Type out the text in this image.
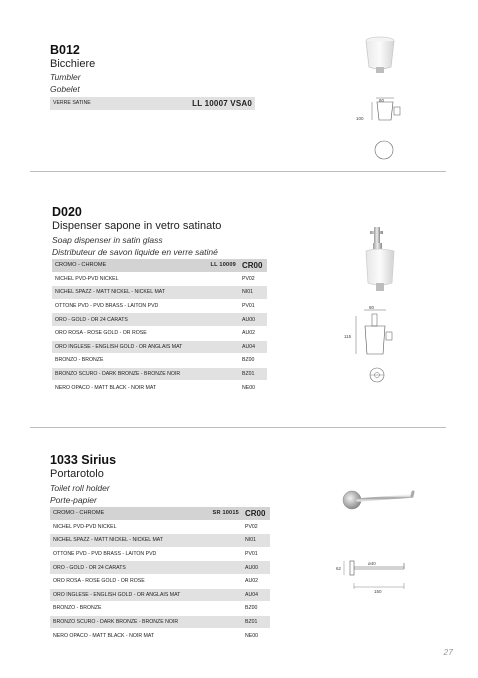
B012
Bicchiere
Tumbler
Gobelet
VERRE SATINE	LL 10007 VSA0	80
100
D020
Dispenser sapone in vetro satinato
Soap dispenser in satin glass
Distributeur de savon liquide en verre satiné
CROMO - CHROME	LL 10009	CR00
NICHEL PVD-PVD NICKEL		PV02
NICHEL SPAZZ - MATT NICKEL - NICKEL MAT		NI01
OTTONE PVD - PVD BRASS - LAITON PVD		PV01
ORO - GOLD - OR 24 CARATS		AU00
ORO ROSA - ROSE GOLD - OR ROSE		AU02
ORO INGLESE - ENGLISH GOLD - OR ANGLAIS MAT		AU04
BRONZO - BRONZE		BZ00
BRONZO SCURO - DARK BRONZE - BRONZE NOIR		BZ01
NERO OPACO - MATT BLACK - NOIR MAT		NE00
80
115
1033 Sirius
Portarotolo
Toilet roll holder
Porte-papier
CROMO - CHROME	SR 10015	CR00
NICHEL PVD-PVD NICKEL		PV02
NICHEL SPAZZ - MATT NICKEL - NICKEL MAT		NI01
OTTONE PVD - PVD BRASS - LAITON PVD		PV01
ORO - GOLD - OR 24 CARATS		AU00
ORO ROSA - ROSE GOLD - OR ROSE		AU02
ORO INGLESE - ENGLISH GOLD - OR ANGLAIS MAT		AU04
BRONZO - BRONZE		BZ00
BRONZO SCURO - DARK BRONZE - BRONZE NOIR		BZ01
NERO OPACO - MATT BLACK - NOIR MAT		NE00
62
ø40
150
27
